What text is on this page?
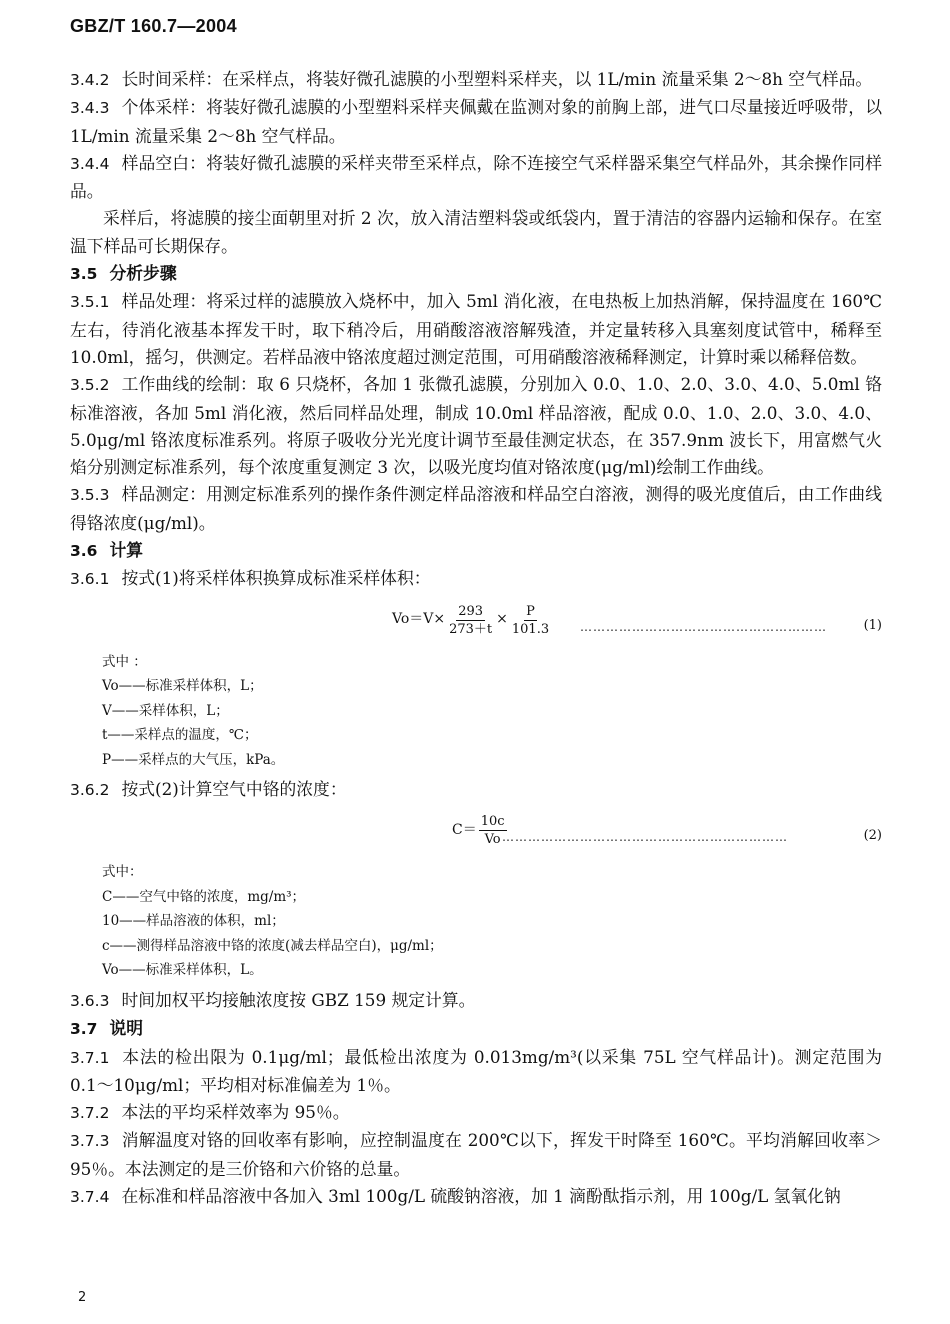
GBZ/T 160.7—2004

3.4.2 长时间采样：在采样点，将装好微孔滤膜的小型塑料采样夹，以 1L/min 流量采集 2～8h 空气样品。

3.4.3 个体采样：将装好微孔滤膜的小型塑料采样夹佩戴在监测对象的前胸上部，进气口尽量接近呼吸带，以 1L/min 流量采集 2～8h 空气样品。

3.4.4 样品空白：将装好微孔滤膜的采样夹带至采样点，除不连接空气采样器采集空气样品外，其余操作同样品。

采样后，将滤膜的接尘面朝里对折 2 次，放入清洁塑料袋或纸袋内，置于清洁的容器内运输和保存。在室温下样品可长期保存。

3.5 分析步骤

3.5.1 样品处理：将采过样的滤膜放入烧杯中，加入 5ml 消化液，在电热板上加热消解，保持温度在 160℃左右，待消化液基本挥发干时，取下稍冷后，用硝酸溶液溶解残渣，并定量转移入具塞刻度试管中，稀释至 10.0ml，摇匀，供测定。若样品液中铬浓度超过测定范围，可用硝酸溶液稀释测定，计算时乘以稀释倍数。

3.5.2 工作曲线的绘制：取 6 只烧杯，各加 1 张微孔滤膜，分别加入 0.0、1.0、2.0、3.0、4.0、5.0ml 铬标准溶液，各加 5ml 消化液，然后同样品处理，制成 10.0ml 样品溶液，配成 0.0、1.0、2.0、3.0、4.0、5.0μg/ml 铬浓度标准系列。将原子吸收分光光度计调节至最佳测定状态，在 357.9nm 波长下，用富燃气火焰分别测定标准系列，每个浓度重复测定 3 次，以吸光度均值对铬浓度(μg/ml)绘制工作曲线。

3.5.3 样品测定：用测定标准系列的操作条件测定样品溶液和样品空白溶液，测得的吸光度值后，由工作曲线得铬浓度(μg/ml)。

3.6 计算

3.6.1 按式(1)将采样体积换算成标准采样体积：

$Vo=V\times \frac{293}{273+t} \times \frac{P}{101.3}$ …………………………………………………	(1)
式中 ：
Vo——标准采样体积，L；
V——采样体积，L；
t——采样点的温度，℃；
P——采样点的大气压，kPa。

3.6.2 按式(2)计算空气中铬的浓度：

$C= \frac{10c}{Vo}$
…………………………………………………………	(2)
式中：
C——空气中铬的浓度，mg/m³；
10——样品溶液的体积，ml；
c——测得样品溶液中铬的浓度(减去样品空白)，μg/ml；
Vo——标准采样体积，L。

3.6.3 时间加权平均接触浓度按 GBZ 159 规定计算。

3.7 说明

3.7.1 本法的检出限为 0.1μg/ml；最低检出浓度为 0.013mg/m³(以采集 75L 空气样品计)。测定范围为 0.1～10μg/ml；平均相对标准偏差为 1％。

3.7.2 本法的平均采样效率为 95％。

3.7.3 消解温度对铬的回收率有影响，应控制温度在 200℃以下，挥发干时降至 160℃。平均消解回收率＞95％。本法测定的是三价铬和六价铬的总量。

3.7.4 在标准和样品溶液中各加入 3ml 100g/L 硫酸钠溶液，加 1 滴酚酞指示剂，用 100g/L 氢氧化钠

2
